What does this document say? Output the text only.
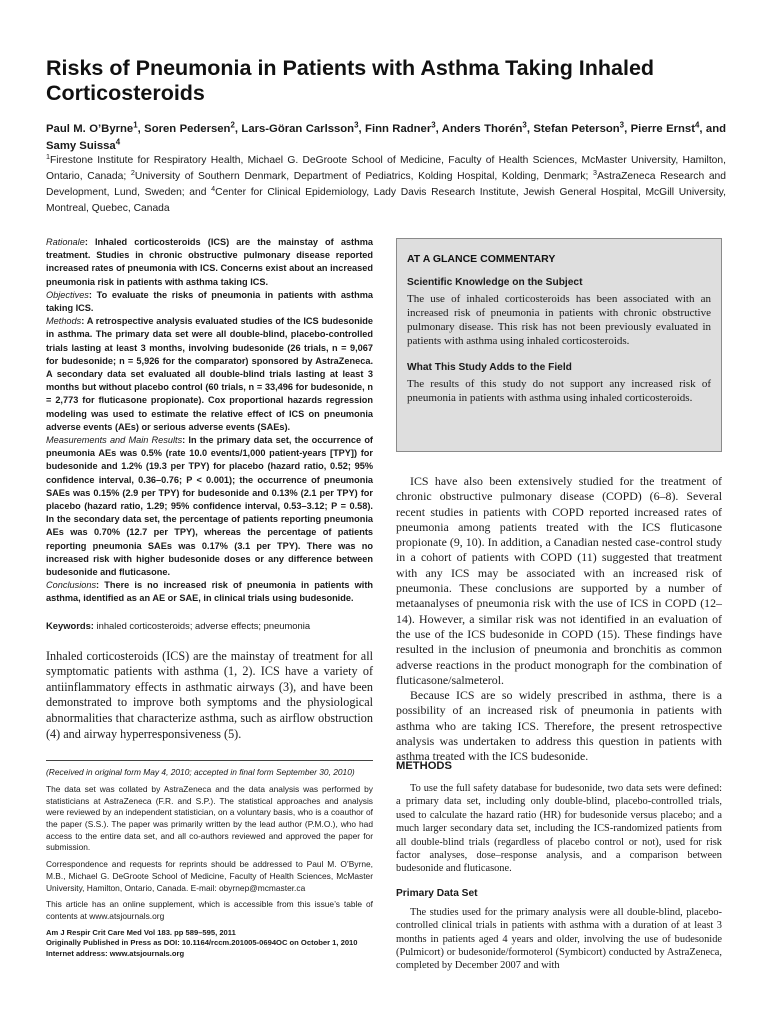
Risks of Pneumonia in Patients with Asthma Taking Inhaled Corticosteroids
Paul M. O’Byrne$^1$, Soren Pedersen$^2$, Lars-Göran Carlsson$^3$, Finn Radner$^3$, Anders Thorén$^3$, Stefan Peterson$^3$, Pierre Ernst$^4$, and Samy Suissa$^4$

$^1$Firestone Institute for Respiratory Health, Michael G. DeGroote School of Medicine, Faculty of Health Sciences, McMaster University, Hamilton, Ontario, Canada; $^2$University of Southern Denmark, Department of Pediatrics, Kolding Hospital, Kolding, Denmark; $^3$AstraZeneca Research and Development, Lund, Sweden; and $^4$Center for Clinical Epidemiology, Lady Davis Research Institute, Jewish General Hospital, McGill University, Montreal, Quebec, Canada

Rationale: Inhaled corticosteroids (ICS) are the mainstay of asthma treatment. Studies in chronic obstructive pulmonary disease reported increased rates of pneumonia with ICS. Concerns exist about an increased pneumonia risk in patients with asthma taking ICS.

Objectives: To evaluate the risks of pneumonia in patients with asthma taking ICS.

Methods: A retrospective analysis evaluated studies of the ICS budesonide in asthma. The primary data set were all double-blind, placebo-controlled trials lasting at least 3 months, involving budesonide (26 trials, n = 9,067 for budesonide; n = 5,926 for the comparator) sponsored by AstraZeneca. A secondary data set evaluated all double-blind trials lasting at least 3 months but without placebo control (60 trials, n = 33,496 for budesonide, n = 2,773 for fluticasone propionate). Cox proportional hazards regression modeling was used to estimate the relative effect of ICS on pneumonia adverse events (AEs) or serious adverse events (SAEs).

Measurements and Main Results: In the primary data set, the occurrence of pneumonia AEs was 0.5% (rate 10.0 events/1,000 patient-years [TPY]) for budesonide and 1.2% (19.3 per TPY) for placebo (hazard ratio, 0.52; 95% confidence interval, 0.36–0.76; P < 0.001); the occurrence of pneumonia SAEs was 0.15% (2.9 per TPY) for budesonide and 0.13% (2.1 per TPY) for placebo (hazard ratio, 1.29; 95% confidence interval, 0.53–3.12; P = 0.58). In the secondary data set, the percentage of patients reporting pneumonia AEs was 0.70% (12.7 per TPY), whereas the percentage of patients reporting pneumonia SAEs was 0.17% (3.1 per TPY). There was no increased risk with higher budesonide doses or any difference between budesonide and fluticasone.

Conclusions: There is no increased risk of pneumonia in patients with asthma, identified as an AE or SAE, in clinical trials using budesonide.

Keywords: inhaled corticosteroids; adverse effects; pneumonia

Inhaled corticosteroids (ICS) are the mainstay of treatment for all symptomatic patients with asthma (1, 2). ICS have a variety of antiinflammatory effects in asthmatic airways (3), and have been demonstrated to improve both symptoms and the physiological abnormalities that characterize asthma, such as airflow obstruction (4) and airway hyperresponsiveness (5).

(Received in original form May 4, 2010; accepted in final form September 30, 2010)

The data set was collated by AstraZeneca and the data analysis was performed by statisticians at AstraZeneca (F.R. and S.P.). The statistical approaches and analysis were reviewed by an independent statistician, on a voluntary basis, who is a coauthor of the paper (S.S.). The paper was primarily written by the lead author (P.M.O.), who had access to the entire data set, and all co-authors reviewed and approved the paper for submission.

Correspondence and requests for reprints should be addressed to Paul M. O’Byrne, M.B., Michael G. DeGroote School of Medicine, Faculty of Health Sciences, McMaster University, Hamilton, Ontario, Canada. E-mail: obyrnep@mcmaster.ca

This article has an online supplement, which is accessible from this issue’s table of contents at www.atsjournals.org

Am J Respir Crit Care Med Vol 183. pp 589–595, 2011
Originally Published in Press as DOI: 10.1164/rccm.201005-0694OC on October 1, 2010
Internet address: www.atsjournals.org
AT A GLANCE COMMENTARY
Scientific Knowledge on the Subject

The use of inhaled corticosteroids has been associated with an increased risk of pneumonia in patients with chronic obstructive pulmonary disease. This risk has not been previously evaluated in patients with asthma using inhaled corticosteroids.

What This Study Adds to the Field

The results of this study do not support any increased risk of pneumonia in patients with asthma using inhaled corticosteroids.

ICS have also been extensively studied for the treatment of chronic obstructive pulmonary disease (COPD) (6–8). Several recent studies in patients with COPD reported increased rates of pneumonia among patients treated with the ICS fluticasone propionate (9, 10). In addition, a Canadian nested case-control study in a cohort of patients with COPD (11) suggested that treatment with any ICS may be associated with an increased risk of pneumonia. These conclusions are supported by a number of metaanalyses of pneumonia risk with the use of ICS in COPD (12–14). However, a similar risk was not identified in an evaluation of the use of the ICS budesonide in COPD (15). These findings have resulted in the inclusion of pneumonia and bronchitis as common adverse reactions in the product monograph for the combination of fluticasone/salmeterol.

Because ICS are so widely prescribed in asthma, there is a possibility of an increased risk of pneumonia in patients with asthma who are taking ICS. Therefore, the present retrospective analysis was undertaken to address this question in patients with asthma treated with the ICS budesonide.

METHODS

To use the full safety database for budesonide, two data sets were defined: a primary data set, including only double-blind, placebo-controlled trials, used to calculate the hazard ratio (HR) for budesonide versus placebo; and a much larger secondary data set, including the ICS-randomized patients from all double-blind trials (regardless of placebo control or not), used for risk factor analyses, dose–response analysis, and a comparison between budesonide and fluticasone.

Primary Data Set

The studies used for the primary analysis were all double-blind, placebo-controlled clinical trials in patients with asthma with a duration of at least 3 months in patients aged 4 years and older, involving the use of budesonide (Pulmicort) or budesonide/formoterol (Symbicort) conducted by AstraZeneca, completed by December 2007 and with
